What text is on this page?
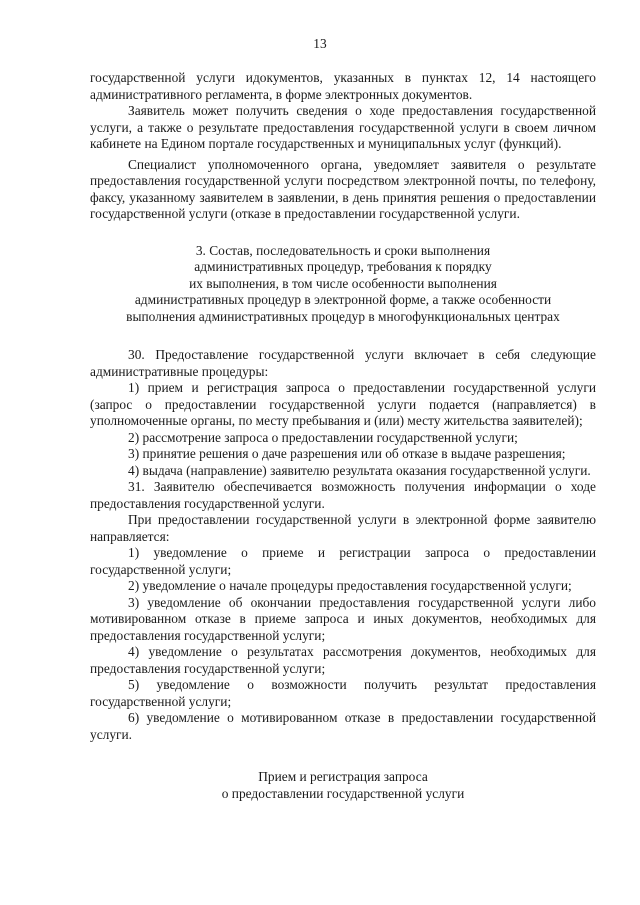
13

государственной услуги идокументов, указанных в пунктах 12, 14 настоящего административного регламента, в форме электронных документов.

Заявитель может получить сведения о ходе предоставления государственной услуги, а также о результате предоставления государственной услуги в своем личном кабинете на Едином портале государственных и муниципальных услуг (функций).

Специалист уполномоченного органа, уведомляет заявителя о результате предоставления государственной услуги посредством электронной почты, по телефону, факсу, указанному заявителем в заявлении, в день принятия решения о предоставлении государственной услуги (отказе в предоставлении государственной услуги.

3. Состав, последовательность и сроки выполнения
административных процедур, требования к порядку
их выполнения, в том числе особенности выполнения
административных процедур в электронной форме, а также особенности
выполнения административных процедур в многофункциональных центрах

30. Предоставление государственной услуги включает в себя следующие административные процедуры:

1) прием и регистрация запроса о предоставлении государственной услуги (запрос о предоставлении государственной услуги подается (направляется) в уполномоченные органы, по месту пребывания и (или) месту жительства заявителей);

2) рассмотрение запроса о предоставлении государственной услуги;

3) принятие решения о даче разрешения или об отказе в выдаче разрешения;

4) выдача (направление) заявителю результата оказания государственной услуги.

31. Заявителю обеспечивается возможность получения информации о ходе предоставления государственной услуги.

При предоставлении государственной услуги в электронной форме заявителю направляется:

1) уведомление о приеме и регистрации запроса о предоставлении государственной услуги;

2) уведомление о начале процедуры предоставления государственной услуги;

3) уведомление об окончании предоставления государственной услуги либо мотивированном отказе в приеме запроса и иных документов, необходимых для предоставления государственной услуги;

4) уведомление о результатах рассмотрения документов, необходимых для предоставления государственной услуги;

5) уведомление о возможности получить результат предоставления государственной услуги;

6) уведомление о мотивированном отказе в предоставлении государственной услуги.

Прием и регистрация запроса
о предоставлении государственной услуги
